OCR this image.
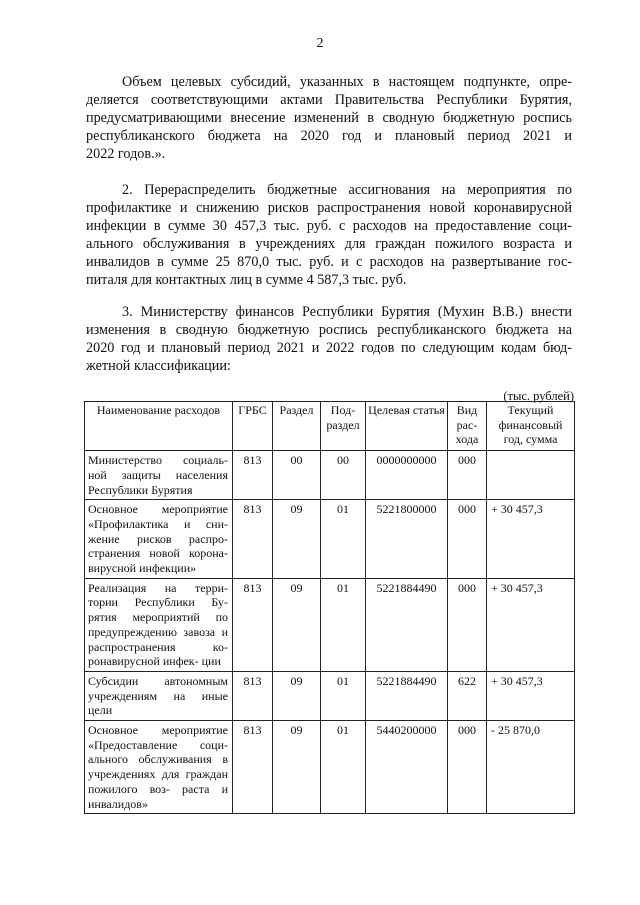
2

Объем целевых субсидий, указанных в настоящем подпункте, опре-
деляется соответствующими актами Правительства Республики Бурятия,
предусматривающими внесение изменений в сводную бюджетную роспись
республиканского бюджета на 2020 год и плановый период 2021 и
2022 годов.».

2. Перераспределить бюджетные ассигнования на мероприятия по
профилактике и снижению рисков распространения новой коронавирусной
инфекции в сумме 30 457,3 тыс. руб. с расходов на предоставление соци-
ального обслуживания в учреждениях для граждан пожилого возраста и
инвалидов в сумме 25 870,0 тыс. руб. и с расходов на развертывание гос-
питаля для контактных лиц в сумме 4 587,3 тыс. руб.

3. Министерству финансов Республики Бурятия (Мухин В.В.) внести
изменения в сводную бюджетную роспись республиканского бюджета на
2020 год и плановый период 2021 и 2022 годов по следующим кодам бюд-
жетной классификации:

(тыс. рублей)
Наименование расходов	ГРБС	Раздел	Под- раздел	Целевая статья	Вид рас- хода	Текущий финансовый год, сумма
Министерство социаль- ной защиты населения Республики Бурятия	813	00	00	0000000000	000	
Основное мероприятие «Профилактика и сни- жение рисков распро- странения новой корона- вирусной инфекции»	813	09	01	5221800000	000	+ 30 457,3
Реализация на терри- тории Республики Бу- рятия мероприятий по предупреждению завоза и распространения ко- ронавирусной инфек- ции	813	09	01	5221884490	000	+ 30 457,3
Субсидии автономным учреждениям на иные цели	813	09	01	5221884490	622	+ 30 457,3
Основное мероприятие «Предоставление соци- ального обслуживания в учреждениях для граждан пожилого воз- раста и инвалидов»	813	09	01	5440200000	000	- 25 870,0
